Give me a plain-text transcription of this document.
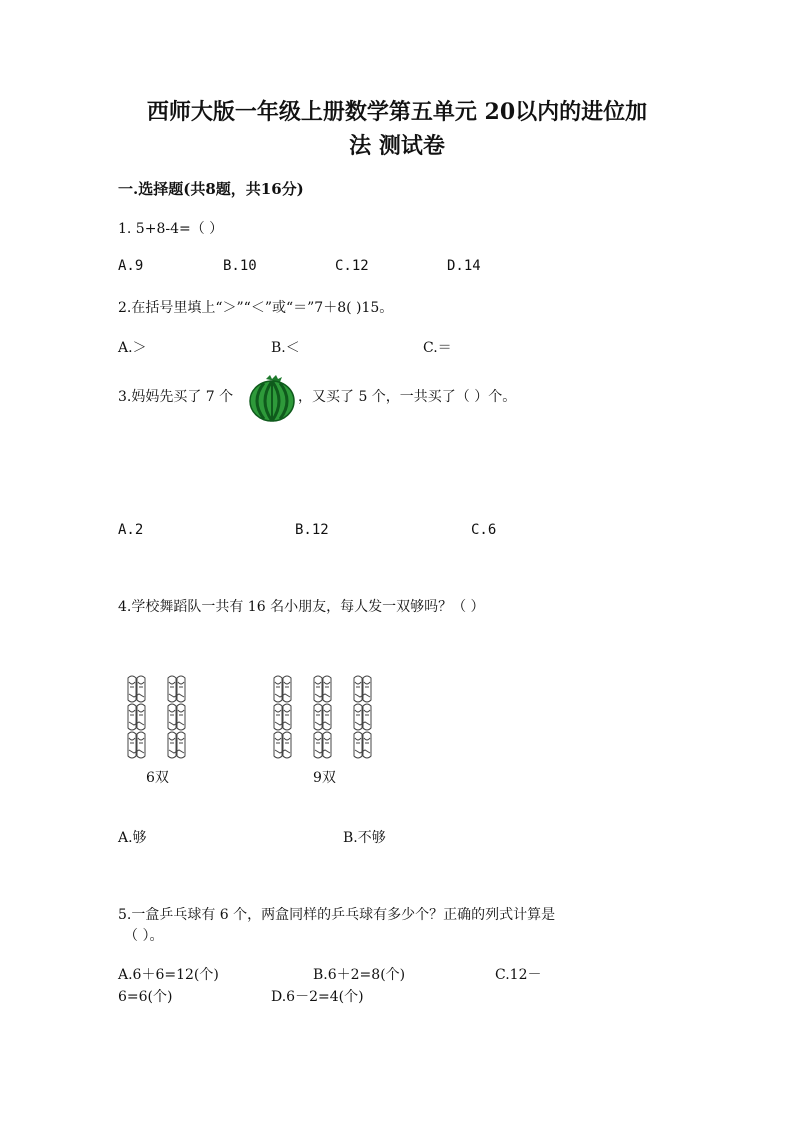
西师大版一年级上册数学第五单元 20以内的进位加
法 测试卷
一.选择题(共8题，共16分)
1. 5+8-4=（ ）
A.9	B.10	C.12	D.14
2.在括号里填上“＞”“＜”或“＝”7＋8( )15。
A.＞	B.＜	C.＝
3.妈妈先买了 7 个	，又买了 5 个，一共买了（ ）个。
A.2	B.12	C.6
4.学校舞蹈队一共有 16 名小朋友，每人发一双够吗？（ ）
6双	9双
A.够	B.不够
5.一盒乒乓球有 6 个，两盒同样的乒乓球有多少个？正确的列式计算是
（ ）。
A.6＋6=12(个)	B.6＋2=8(个)	C.12－
6=6(个)	D.6－2=4(个)
